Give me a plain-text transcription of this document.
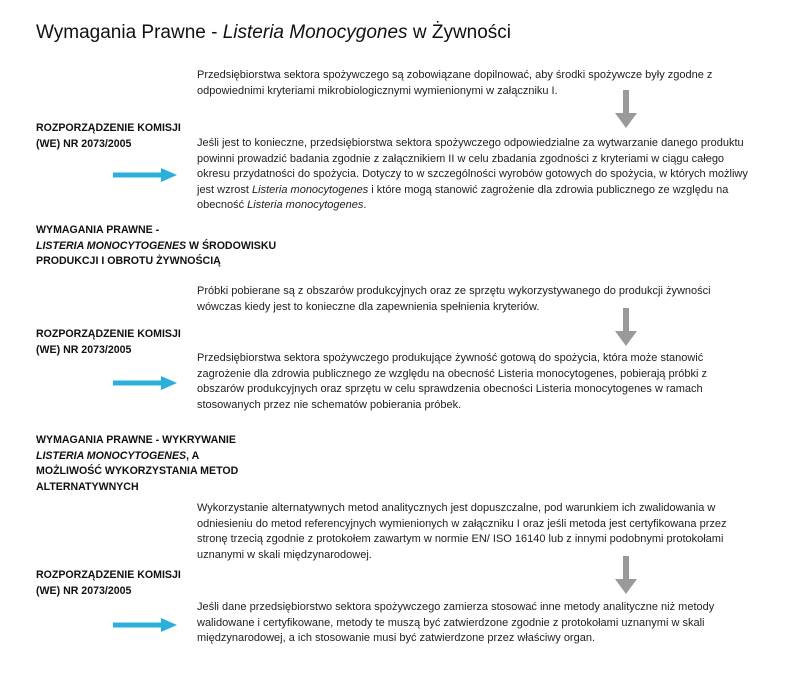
Wymagania Prawne - Listeria Monocygones w Żywności
Przedsiębiorstwa sektora spożywczego są zobowiązane dopilnować, aby środki spożywcze były zgodne z odpowiednimi kryteriami mikrobiologicznymi wymienionymi w załączniku I.
ROZPORZĄDZENIE KOMISJI
(WE) NR 2073/2005	Jeśli jest to konieczne, przedsiębiorstwa sektora spożywczego odpowiedzialne za wytwarzanie danego produktu powinni prowadzić badania zgodnie z załącznikiem II w celu zbadania zgodności z kryteriami w ciągu całego okresu przydatności do spożycia. Dotyczy to w szczególności wyrobów gotowych do spożycia, w których możliwy jest wzrost Listeria monocytogenes i które mogą stanowić zagrożenie dla zdrowia publicznego ze względu na obecność Listeria monocytogenes.
WYMAGANIA PRAWNE -
LISTERIA MONOCYTOGENES W ŚRODOWISKU
PRODUKCJI I OBROTU ŻYWNOŚCIĄ
Próbki pobierane są z obszarów produkcyjnych oraz ze sprzętu wykorzystywanego do produkcji żywności wówczas kiedy jest to konieczne dla zapewnienia spełnienia kryteriów.
ROZPORZĄDZENIE KOMISJI
(WE) NR 2073/2005
Przedsiębiorstwa sektora spożywczego produkujące żywność gotową do spożycia, która może stanowić zagrożenie dla zdrowia publicznego ze względu na obecność Listeria monocytogenes, pobierają próbki z obszarów produkcyjnych oraz sprzętu w celu sprawdzenia obecności Listeria monocytogenes w ramach stosowanych przez nie schematów pobierania próbek.
WYMAGANIA PRAWNE - WYKRYWANIE
LISTERIA MONOCYTOGENES, A
MOŻLIWOŚĆ WYKORZYSTANIA METOD
ALTERNATYWNYCH
Wykorzystanie alternatywnych metod analitycznych jest dopuszczalne, pod warunkiem ich zwalidowania w odniesieniu do metod referencyjnych wymienionych w załączniku I oraz jeśli metoda jest certyfikowana przez stronę trzecią zgodnie z protokołem zawartym w normie EN/ ISO 16140 lub z innymi podobnymi protokołami uznanymi w skali międzynarodowej.
ROZPORZĄDZENIE KOMISJI
(WE) NR 2073/2005
Jeśli dane przedsiębiorstwo sektora spożywczego zamierza stosować inne metody analityczne niż metody walidowane i certyfikowane, metody te muszą być zatwierdzone zgodnie z protokołami uznanymi w skali międzynarodowej, a ich stosowanie musi być zatwierdzone przez właściwy organ.
